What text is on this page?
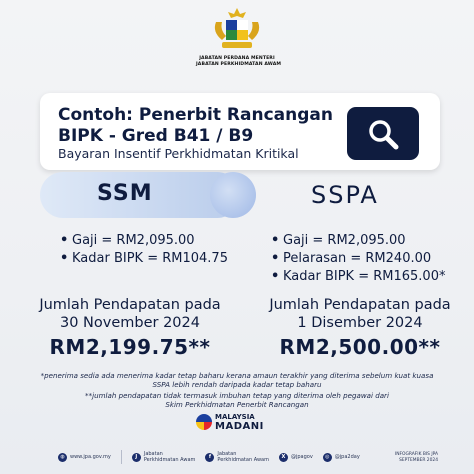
JABATAN PERDANA MENTERI
JABATAN PERKHIDMATAN AWAM
Contoh: Penerbit Rancangan
BIPK - Gred B41 / B9
Bayaran Insentif Perkhidmatan Kritikal
SSM	SSPA
• Gaji = RM2,095.00
• Kadar BIPK = RM104.75
• Gaji = RM2,095.00
• Pelarasan = RM240.00
• Kadar BIPK = RM165.00*
Jumlah Pendapatan pada
30 November 2024
Jumlah Pendapatan pada
1 Disember 2024
RM2,199.75**	RM2,500.00**
*penerima sedia ada menerima kadar tetap baharu kerana amaun terakhir yang diterima sebelum kuat kuasa
SSPA lebih rendah daripada kadar tetap baharu
**jumlah pendapatan tidak termasuk imbuhan tetap yang diterima oleh pegawai dari
Skim Perkhidmatan Penerbit Rancangan
MALAYSIA
MADANI
◍	www.jpa.gov.my	J	Jabatan
Perkhidmatan Awam
f	Jabatan
Perkhidmatan Awam
X	@jpagov	◎	@jpa2day	INFOGRAFIK BIS JPA
SEPTEMBER 2024
